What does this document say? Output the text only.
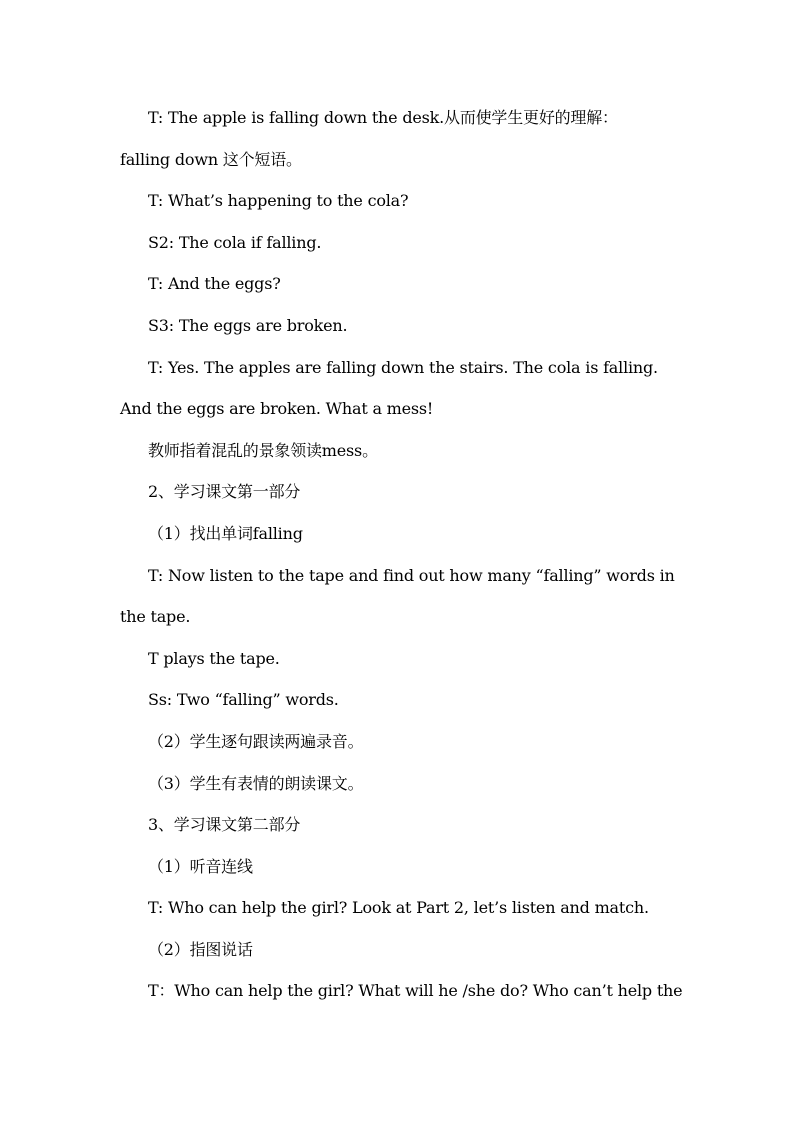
T: The apple is falling down the desk.从而使学生更好的理解：
falling down 这个短语。
T: What’s happening to the cola?
S2: The cola if falling.
T: And the eggs?
S3: The eggs are broken.
T: Yes. The apples are falling down the stairs. The cola is falling.
And the eggs are broken. What a mess!
教师指着混乱的景象领读mess。
2、学习课文第一部分
（1）找出单词falling
T: Now listen to the tape and find out how many “falling” words in
the tape.
T plays the tape.
Ss: Two “falling” words.
（2）学生逐句跟读两遍录音。
（3）学生有表情的朗读课文。
3、学习课文第二部分
（1）听音连线
T: Who can help the girl? Look at Part 2, let’s listen and match.
（2）指图说话
T：Who can help the girl? What will he /she do? Who can’t help the
